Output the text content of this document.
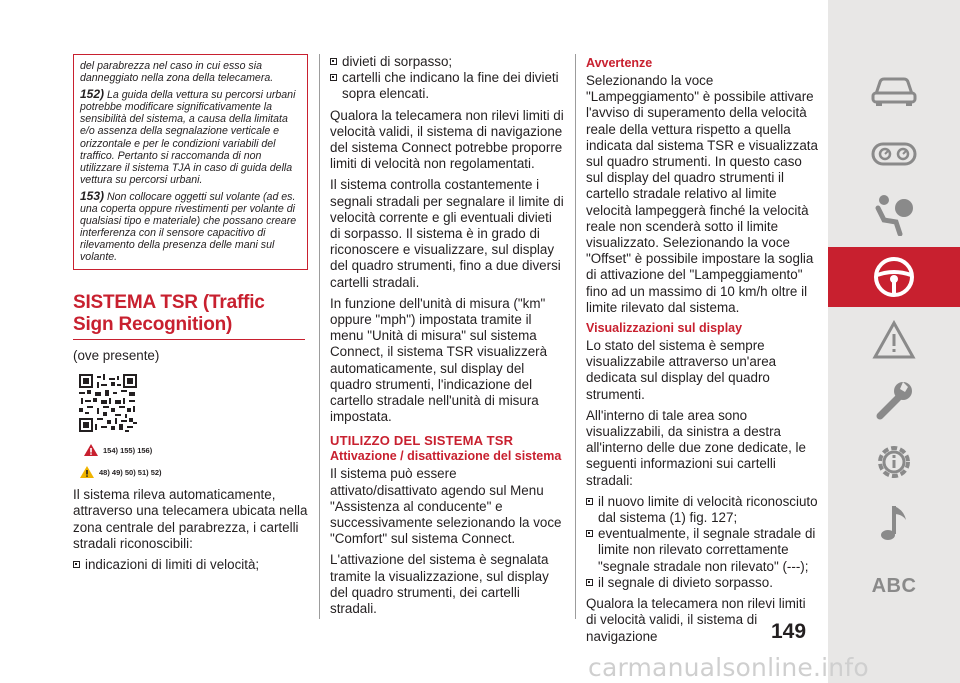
del parabrezza nel caso in cui esso sia danneggiato nella zona della telecamera.

152) La guida della vettura su percorsi urbani potrebbe modificare significativamente la sensibilità del sistema, a causa della limitata e/o assenza della segnalazione verticale e orizzontale e per le condizioni variabili del traffico. Pertanto si raccomanda di non utilizzare il sistema TJA in caso di guida della vettura su percorsi urbani.

153) Non collocare oggetti sul volante (ad es. una coperta oppure rivestimenti per volante di qualsiasi tipo e materiale) che possano creare interferenza con il sensore capacitivo di rilevamento della presenza delle mani sul volante.

SISTEMA TSR (Traffic Sign Recognition)
(ove presente)
154) 155) 156)
48) 49) 50) 51) 52)

Il sistema rileva automaticamente, attraverso una telecamera ubicata nella zona centrale del parabrezza, i cartelli stradali riconoscibili:

indicazioni di limiti di velocità;
divieti di sorpasso;
cartelli che indicano la fine dei divieti sopra elencati.

Qualora la telecamera non rilevi limiti di velocità validi, il sistema di navigazione del sistema Connect potrebbe proporre limiti di velocità non regolamentati.

Il sistema controlla costantemente i segnali stradali per segnalare il limite di velocità corrente e gli eventuali divieti di sorpasso. Il sistema è in grado di riconoscere e visualizzare, sul display del quadro strumenti, fino a due diversi cartelli stradali.

In funzione dell'unità di misura ("km" oppure "mph") impostata tramite il menu "Unità di misura" sul sistema Connect, il sistema TSR visualizzerà automaticamente, sul display del quadro strumenti, l'indicazione del cartello stradale nell'unità di misura impostata.

UTILIZZO DEL SISTEMA TSR
Attivazione / disattivazione del sistema

Il sistema può essere attivato/disattivato agendo sul Menu "Assistenza al conducente" e successivamente selezionando la voce "Comfort" sul sistema Connect.

L'attivazione del sistema è segnalata tramite la visualizzazione, sul display del quadro strumenti, dei cartelli stradali.

Avvertenze

Selezionando la voce "Lampeggiamento" è possibile attivare l'avviso di superamento della velocità reale della vettura rispetto a quella indicata dal sistema TSR e visualizzata sul quadro strumenti. In questo caso sul display del quadro strumenti il cartello stradale relativo al limite velocità lampeggerà finché la velocità reale non scenderà sotto il limite visualizzato. Selezionando la voce "Offset" è possibile impostare la soglia di attivazione del "Lampeggiamento" fino ad un massimo di 10 km/h oltre il limite rilevato dal sistema.

Visualizzazioni sul display

Lo stato del sistema è sempre visualizzabile attraverso un'area dedicata sul display del quadro strumenti.

All'interno di tale area sono visualizzabili, da sinistra a destra all'interno delle due zone dedicate, le seguenti informazioni sui cartelli stradali:

il nuovo limite di velocità riconosciuto dal sistema (1) fig. 127;
eventualmente, il segnale stradale di limite non rilevato correttamente "segnale stradale non rilevato" (---);
il segnale di divieto sorpasso.

Qualora la telecamera non rilevi limiti di velocità validi, il sistema di navigazione

ABC
149
carmanualsonline.info
